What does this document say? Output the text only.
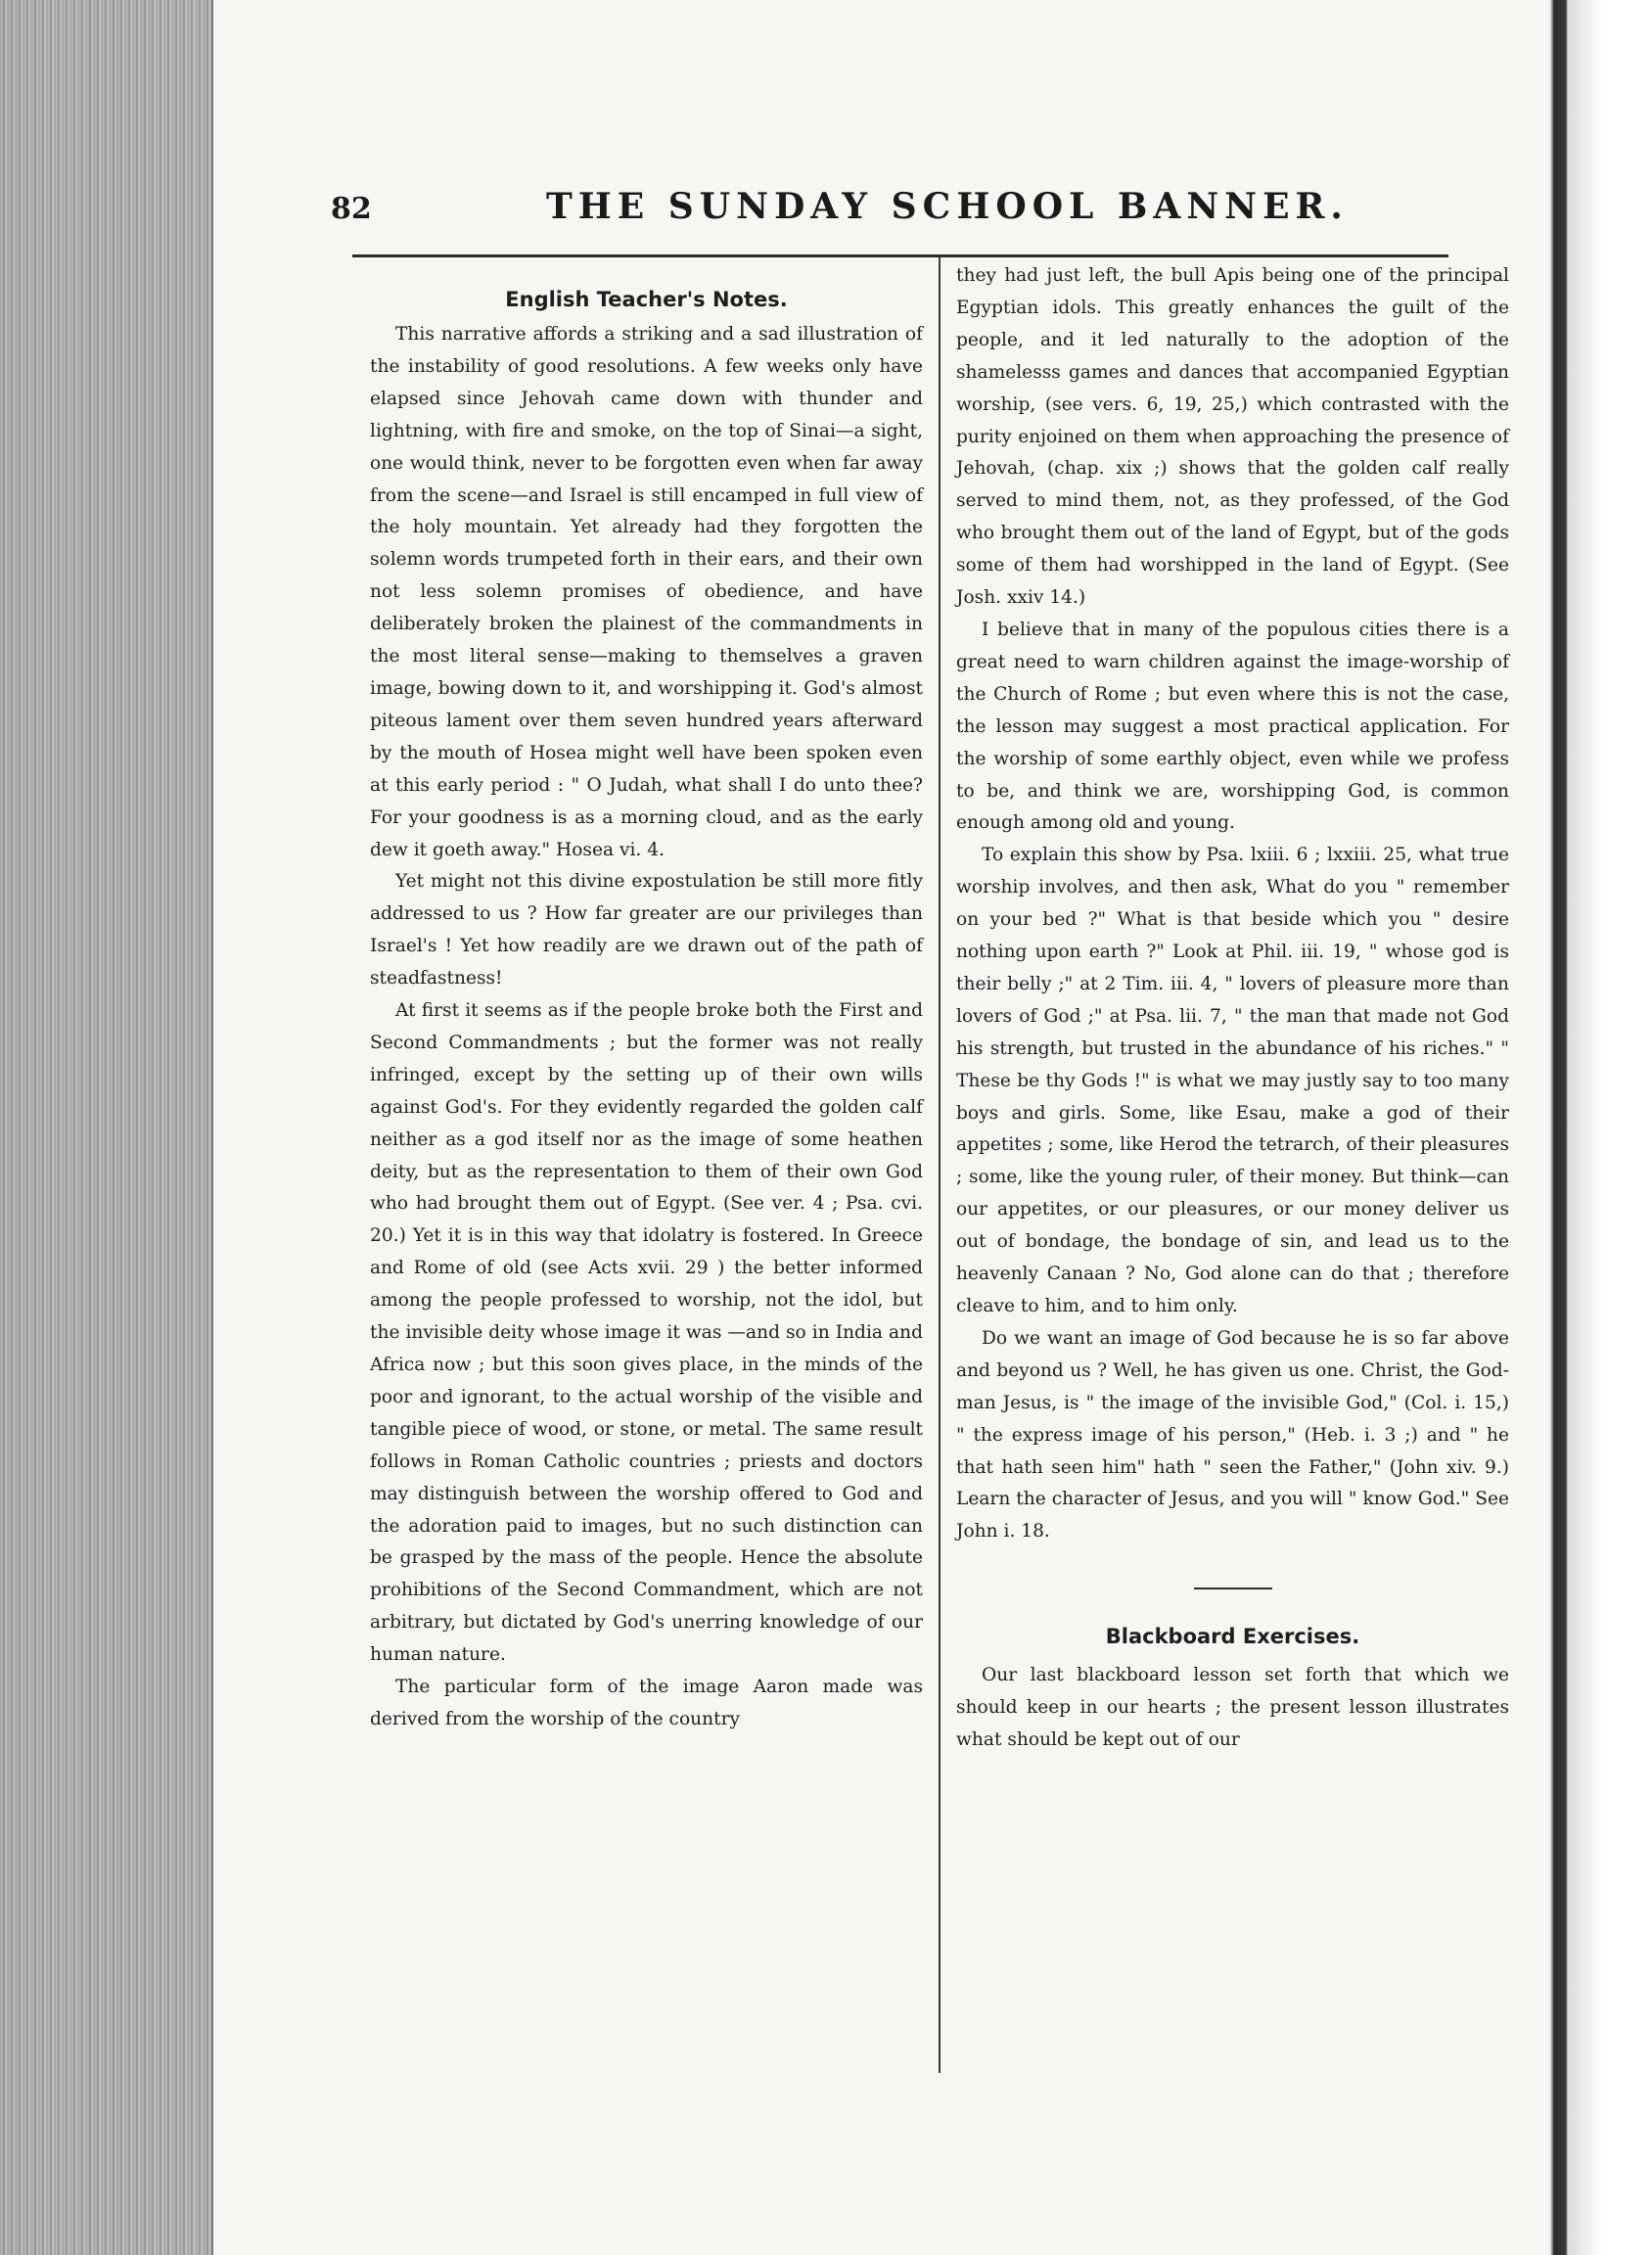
82	THE SUNDAY SCHOOL BANNER.
English Teacher's Notes.

This narrative affords a striking and a sad illustration of the instability of good resolutions. A few weeks only have elapsed since Jehovah came down with thunder and lightning, with fire and smoke, on the top of Sinai—a sight, one would think, never to be forgotten even when far away from the scene—and Israel is still encamped in full view of the holy mountain. Yet already had they forgotten the solemn words trumpeted forth in their ears, and their own not less solemn promises of obedience, and have deliberately broken the plainest of the commandments in the most literal sense—making to themselves a graven image, bowing down to it, and worshipping it. God's almost piteous lament over them seven hundred years afterward by the mouth of Hosea might well have been spoken even at this early period : " O Judah, what shall I do unto thee? For your goodness is as a morning cloud, and as the early dew it goeth away." Hosea vi. 4.

Yet might not this divine expostulation be still more fitly addressed to us ? How far greater are our privileges than Israel's ! Yet how readily are we drawn out of the path of steadfastness!

At first it seems as if the people broke both the First and Second Commandments ; but the former was not really infringed, except by the setting up of their own wills against God's. For they evidently regarded the golden calf neither as a god itself nor as the image of some heathen deity, but as the representation to them of their own God who had brought them out of Egypt. (See ver. 4 ; Psa. cvi. 20.) Yet it is in this way that idolatry is fostered. In Greece and Rome of old (see Acts xvii. 29 ) the better informed among the people professed to worship, not the idol, but the invisible deity whose image it was —and so in India and Africa now ; but this soon gives place, in the minds of the poor and ignorant, to the actual worship of the visible and tangible piece of wood, or stone, or metal. The same result follows in Roman Catholic countries ; priests and doctors may distinguish between the worship offered to God and the adoration paid to images, but no such distinction can be grasped by the mass of the people. Hence the absolute prohibitions of the Second Commandment, which are not arbitrary, but dictated by God's unerring knowledge of our human nature.

The particular form of the image Aaron made was derived from the worship of the country

they had just left, the bull Apis being one of the principal Egyptian idols. This greatly enhances the guilt of the people, and it led naturally to the adoption of the shamelesss games and dances that accompanied Egyptian worship, (see vers. 6, 19, 25,) which contrasted with the purity enjoined on them when approaching the presence of Jehovah, (chap. xix ;) shows that the golden calf really served to mind them, not, as they professed, of the God who brought them out of the land of Egypt, but of the gods some of them had worshipped in the land of Egypt. (See Josh. xxiv 14.)

I believe that in many of the populous cities there is a great need to warn children against the image-worship of the Church of Rome ; but even where this is not the case, the lesson may suggest a most practical application. For the worship of some earthly object, even while we profess to be, and think we are, worshipping God, is common enough among old and young.

To explain this show by Psa. lxiii. 6 ; lxxiii. 25, what true worship involves, and then ask, What do you " remember on your bed ?" What is that beside which you " desire nothing upon earth ?" Look at Phil. iii. 19, " whose god is their belly ;" at 2 Tim. iii. 4, " lovers of pleasure more than lovers of God ;" at Psa. lii. 7, " the man that made not God his strength, but trusted in the abundance of his riches." " These be thy Gods !" is what we may justly say to too many boys and girls. Some, like Esau, make a god of their appetites ; some, like Herod the tetrarch, of their pleasures ; some, like the young ruler, of their money. But think—can our appetites, or our pleasures, or our money deliver us out of bondage, the bondage of sin, and lead us to the heavenly Canaan ? No, God alone can do that ; therefore cleave to him, and to him only.

Do we want an image of God because he is so far above and beyond us ? Well, he has given us one. Christ, the God-man Jesus, is " the image of the invisible God," (Col. i. 15,) " the express image of his person," (Heb. i. 3 ;) and " he that hath seen him" hath " seen the Father," (John xiv. 9.) Learn the character of Jesus, and you will " know God." See John i. 18.

Blackboard Exercises.

Our last blackboard lesson set forth that which we should keep in our hearts ; the present lesson illustrates what should be kept out of our
